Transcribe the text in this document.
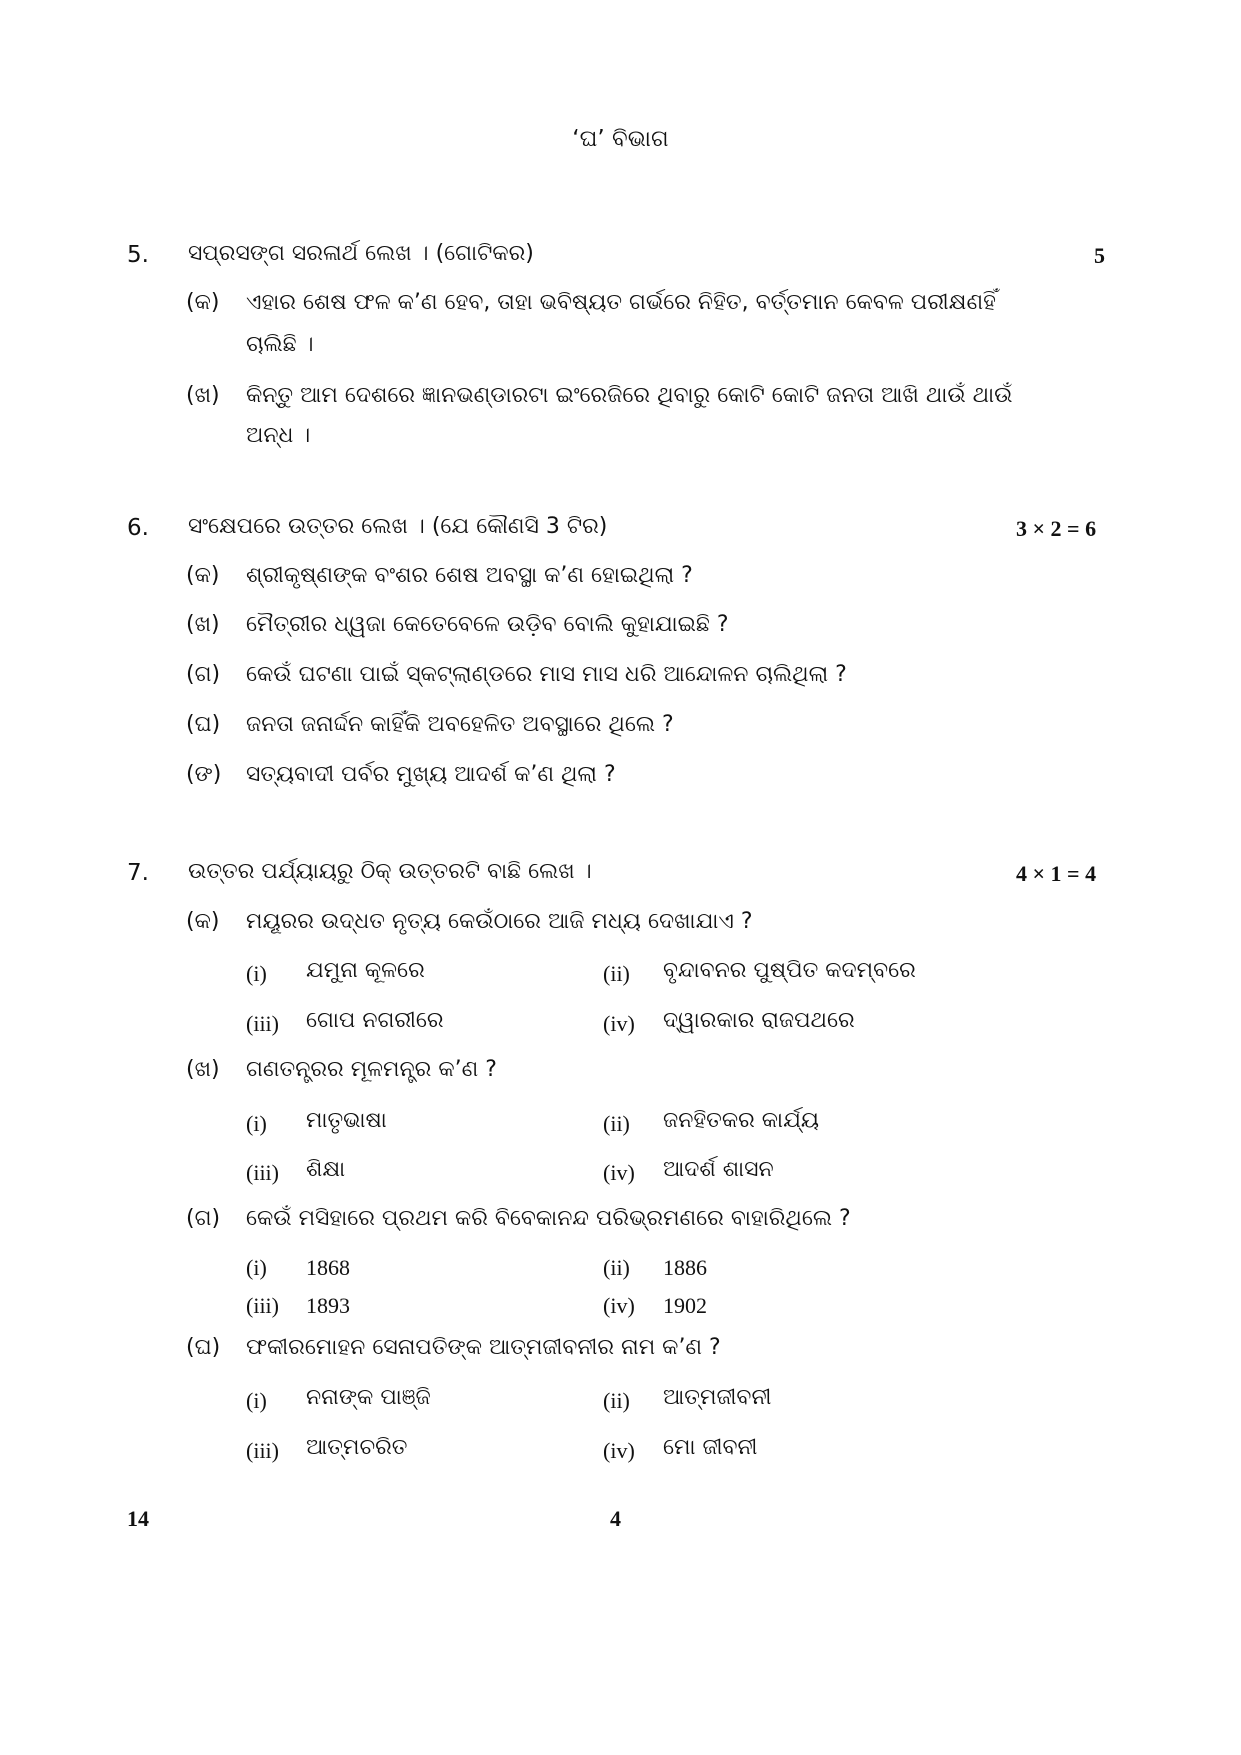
‘ଘ’ ବିଭାଗ
5. ସପ୍ରସଙ୍ଗ ସରଳାର୍ଥ ଲେଖ । (ଗୋଟିକର)	5
(କ) ଏହାର ଶେଷ ଫଳ କ’ଣ ହେବ, ତାହା ଭବିଷ୍ୟତ ଗର୍ଭରେ ନିହିତ, ବର୍ତ୍ତମାନ କେବଳ ପରୀକ୍ଷଣହିଁ
ଚାଲିଛି ।
(ଖ) କିନ୍ତୁ ଆମ ଦେଶରେ ଜ୍ଞାନଭଣ୍ଡାରଟା ଇଂରେଜିରେ ଥିବାରୁ କୋଟି କୋଟି ଜନତା ଆଖି ଥାଉଁ ଥାଉଁ
ଅନ୍ଧ ।
6. ସଂକ୍ଷେପରେ ଉତ୍ତର ଲେଖ । (ଯେ କୌଣସି 3 ଟିର)	3 × 2 = 6
(କ) ଶ୍ରୀକୃଷ୍ଣଙ୍କ ବଂଶର ଶେଷ ଅବସ୍ଥା କ’ଣ ହୋଇଥିଲା ?
(ଖ) ମୈତ୍ରୀର ଧ୍ୱଜା କେତେବେଳେ ଉଡ଼ିବ ବୋଲି କୁହାଯାଇଛି ?
(ଗ) କେଉଁ ଘଟଣା ପାଇଁ ସ୍କଟ୍‌ଲାଣ୍ଡରେ ମାସ ମାସ ଧରି ଆନ୍ଦୋଳନ ଚାଲିଥିଲା ?
(ଘ) ଜନତା ଜନାର୍ଦ୍ଦନ କାହିଁକି ଅବହେଳିତ ଅବସ୍ଥାରେ ଥିଲେ ?
(ଙ) ସତ୍ୟବାଦୀ ପର୍ବର ମୁଖ୍ୟ ଆଦର୍ଶ କ’ଣ ଥିଲା ?
7. ଉତ୍ତର ପର୍ଯ୍ୟାୟରୁ ଠିକ୍ ଉତ୍ତରଟି ବାଛି ଲେଖ ।	4 × 1 = 4
(କ) ମୟୂରର ଉଦ୍ଧତ ନୃତ୍ୟ କେଉଁଠାରେ ଆଜି ମଧ୍ୟ ଦେଖାଯାଏ ?
(i) ଯମୁନା କୂଳରେ	(ii) ବୃନ୍ଦାବନର ପୁଷ୍ପିତ କଦମ୍ବରେ
(iii) ଗୋପ ନଗରୀରେ	(iv) ଦ୍ୱାରକାର ରାଜପଥରେ
(ଖ) ଗଣତନ୍ତ୍ରର ମୂଳମନ୍ତ୍ର କ’ଣ ?
(i) ମାତୃଭାଷା	(ii) ଜନହିତକର କାର୍ଯ୍ୟ
(iii) ଶିକ୍ଷା	(iv) ଆଦର୍ଶ ଶାସନ
(ଗ) କେଉଁ ମସିହାରେ ପ୍ରଥମ କରି ବିବେକାନନ୍ଦ ପରିଭ୍ରମଣରେ ବାହାରିଥିଲେ ?
(i) 1868	(ii) 1886
(iii) 1893	(iv) 1902
(ଘ) ଫକୀରମୋହନ ସେନାପତିଙ୍କ ଆତ୍ମଜୀବନୀର ନାମ କ’ଣ ?
(i) ନନାଙ୍କ ପାଞ୍ଜି	(ii) ଆତ୍ମଜୀବନୀ
(iii) ଆତ୍ମଚରିତ	(iv) ମୋ ଜୀବନୀ
14	4
